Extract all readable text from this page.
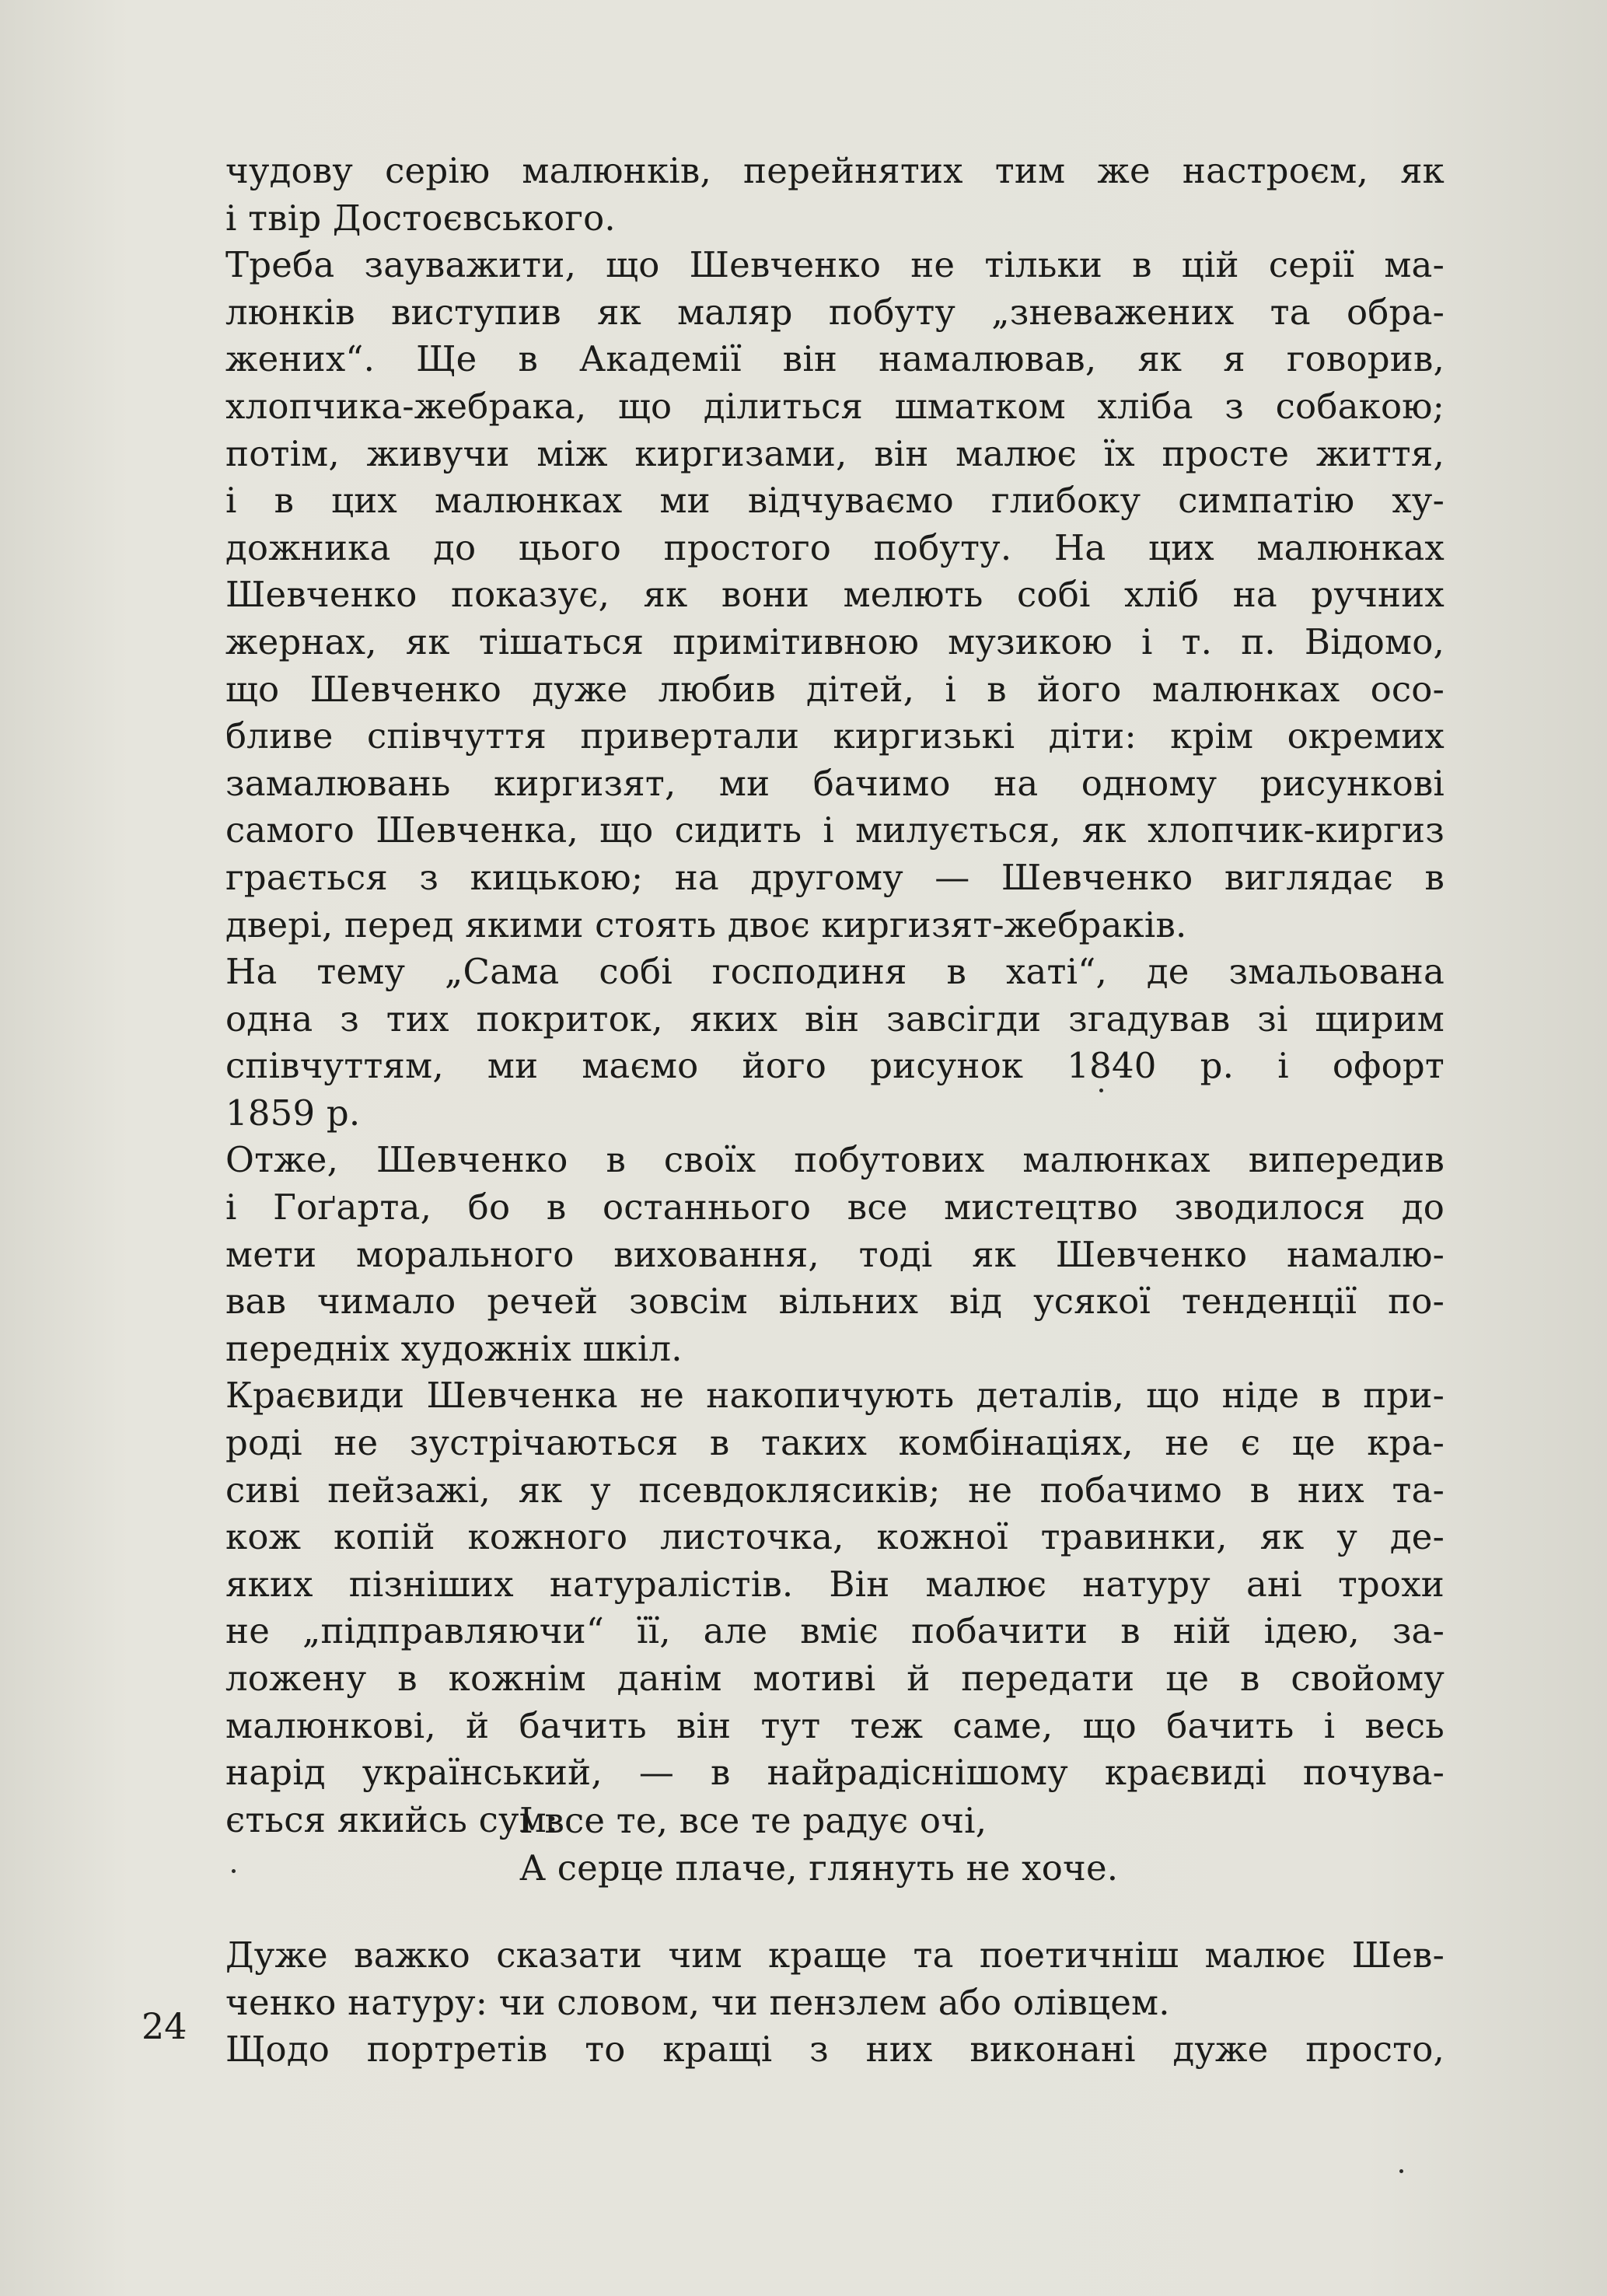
чудову серію малюнків, перейнятих тим же настроєм, як
і твір Достоєвського.
Треба зауважити, що Шевченко не тільки в цій серії ма-
люнків виступив як маляр побуту „зневажених та обра-
жених“. Ще в Академії він намалював, як я говорив,
хлопчика-жебрака, що ділиться шматком хліба з собакою;
потім, живучи між киргизами, він малює їх просте життя,
і в цих малюнках ми відчуваємо глибоку симпатію ху-
дожника до цього простого побуту. На цих малюнках
Шевченко показує, як вони мелють собі хліб на ручних
жернах, як тішаться примітивною музикою і т. п. Відомо,
що Шевченко дуже любив дітей, і в його малюнках осо-
бливе співчуття привертали киргизькі діти: крім окремих
замалювань киргизят, ми бачимо на одному рисункові
самого Шевченка, що сидить і милується, як хлопчик-киргиз
грається з кицькою; на другому — Шевченко виглядає в
двері, перед якими стоять двоє киргизят-жебраків.
На тему „Сама собі господиня в хаті“, де змальована
одна з тих покриток, яких він завсігди згадував зі щирим
співчуттям, ми маємо його рисунок 1840 р. і офорт
1859 р.
Отже, Шевченко в своїх побутових малюнках випередив
і Гоґарта, бо в останнього все мистецтво зводилося до
мети морального виховання, тоді як Шевченко намалю-
вав чимало речей зовсім вільних від усякої тенденції по-
передніх художніх шкіл.
Краєвиди Шевченка не накопичують деталів, що ніде в при-
роді не зустрічаються в таких комбінаціях, не є це кра-
сиві пейзажі, як у псевдоклясиків; не побачимо в них та-
кож копій кожного листочка, кожної травинки, як у де-
яких пізніших натуралістів. Він малює натуру ані трохи
не „підправляючи“ її, але вміє побачити в ній ідею, за-
ложену в кожнім данім мотиві й передати це в свойому
малюнкові, й бачить він тут теж саме, що бачить і весь
нарід український, — в найрадіснішому краєвиді почува-
ється якийсь сум:
І все те, все те радує очі,
А серце плаче, глянуть не хоче.
Дуже важко сказати чим краще та поетичніш малює Шев-
ченко натуру: чи словом, чи пензлем або олівцем.
Щодо портретів то кращі з них виконані дуже просто,
24
